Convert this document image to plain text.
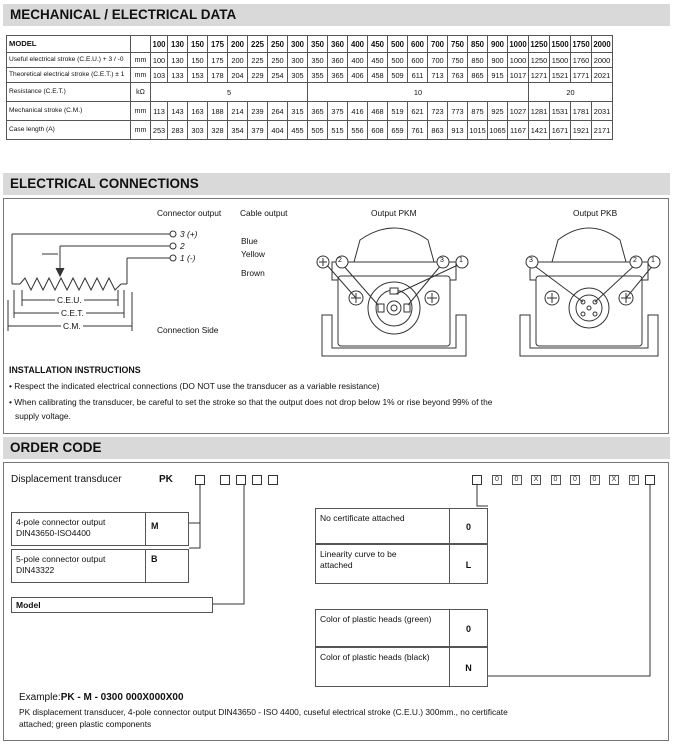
MECHANICAL / ELECTRICAL DATA
MODEL		100	130	150	175	200	225	250	300	350	360	400	450	500	600	700	750	850	900	1000	1250	1500	1750	2000
Useful electrical stroke (C.E.U.) + 3 / -0	mm	100	130	150	175	200	225	250	300	350	360	400	450	500	600	700	750	850	900	1000	1250	1500	1760	2000
Theoretical electrical stroke (C.E.T.) ± 1	mm	103	133	153	178	204	229	254	305	355	365	406	458	509	611	713	763	865	915	1017	1271	1521	1771	2021
Resistance (C.E.T.)	kΩ	5								10											20			
Mechanical stroke (C.M.)	mm	113	143	163	188	214	239	264	315	365	375	416	468	519	621	723	773	875	925	1027	1281	1531	1781	2031
Case length (A)	mm	253	283	303	328	354	379	404	455	505	515	556	608	659	761	863	913	1015	1065	1167	1421	1671	1921	2171
ELECTRICAL CONNECTIONS
Connector output Cable output	Output PKM	Output PKB
3 (+)
2
1 (-)
Blue
Yellow
Brown
C.E.U.
C.E.T.
C.M.	Connection Side
2	3 1	3	2 1
INSTALLATION INSTRUCTIONS
• Respect the indicated electrical connections (DO NOT use the transducer as a variable resistance)
• When calibrating the transducer, be careful to set the stroke so that the output does not drop below 1% or rise beyond 99% of the
supply voltage.
ORDER CODE
Displacement transducer	PK	0	0	X	0	0	0	X	0
4-pole connector output DIN43650-ISO4400
M
5-pole connector output DIN43322
B
Model
No certificate attached
0
Linearity curve to be attached	L
Color of plastic heads (green)
0
Color of plastic heads (black)
N
Example:PK - M - 0300 000X000X00
PK displacement transducer, 4-pole connector output DIN43650 - ISO 4400, cuseful electrical stroke (C.E.U.) 300mm., no certificate
attached; green plastic components
